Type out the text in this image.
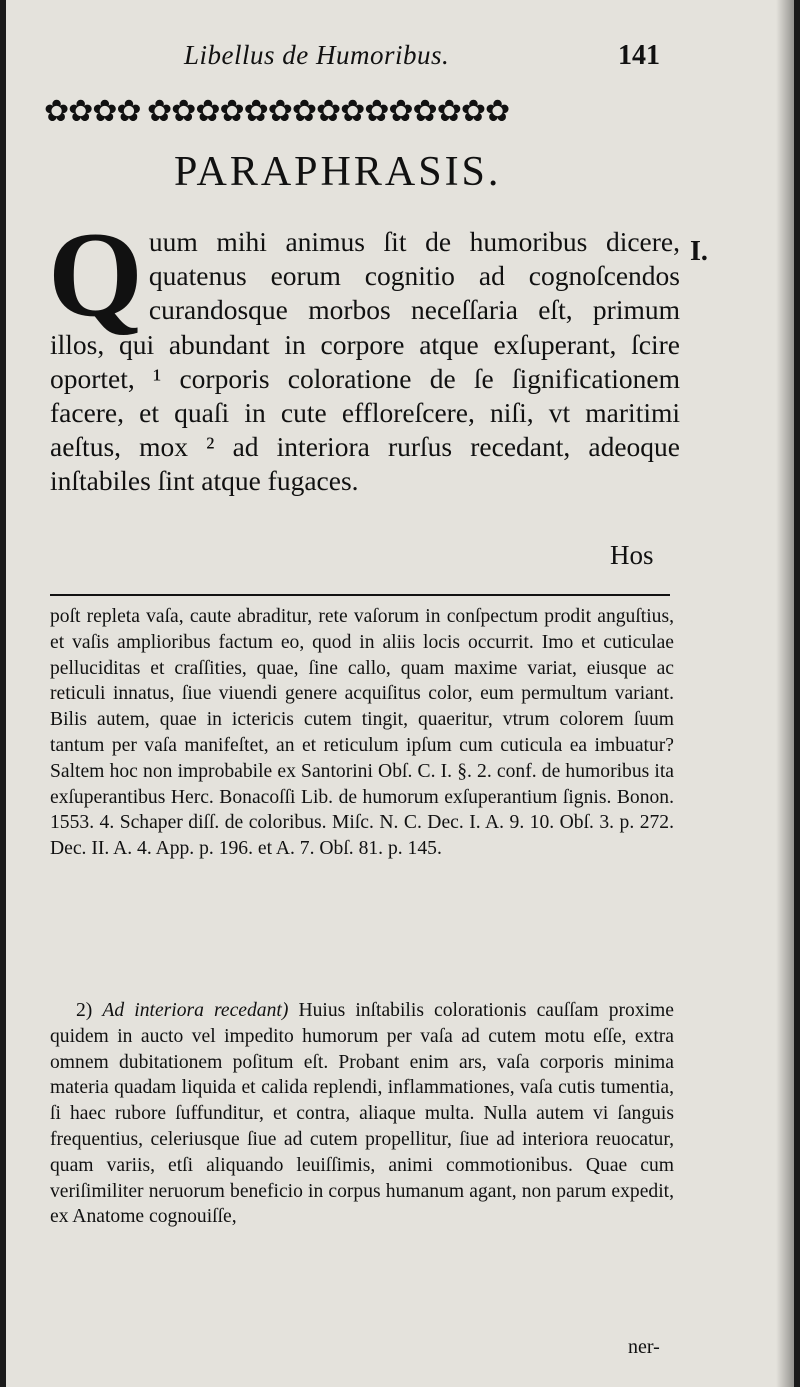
Libellus de Humoribus.	141
✿✿✿✿ ✿✿✿✿✿✿✿✿✿✿✿✿✿✿✿
PARAPHRASIS.
Q uum mihi animus ſit de humoribus dicere, quatenus eorum cognitio ad cognoſcendos curandosque morbos neceſſaria eſt, primum illos, qui abundant in corpore atque exſuperant, ſcire oportet, ¹ corporis coloratione de ſe ſignificationem facere, et quaſi in cute effloreſcere, niſi, vt maritimi aeſtus, mox ² ad interiora rurſus recedant, adeoque inſtabiles ſint atque fugaces.

I.
Hos

poſt repleta vaſa, caute abraditur, rete vaſorum in conſpectum prodit anguſtius, et vaſis amplioribus factum eo, quod in aliis locis occurrit. Imo et cuticulae pelluciditas et craſſities, quae, ſine callo, quam maxime variat, eiusque ac reticuli innatus, ſiue viuendi genere acquiſitus color, eum permultum variant. Bilis autem, quae in ictericis cutem tingit, quaeritur, vtrum colorem ſuum tantum per vaſa manifeſtet, an et reticulum ipſum cum cuticula ea imbuatur? Saltem hoc non improbabile ex Santorini Obſ. C. I. §. 2. conf. de humoribus ita exſuperantibus Herc. Bonacoſſi Lib. de humorum exſuperantium ſignis. Bonon. 1553. 4. Schaper diſſ. de coloribus. Miſc. N. C. Dec. I. A. 9. 10. Obſ. 3. p. 272. Dec. II. A. 4. App. p. 196. et A. 7. Obſ. 81. p. 145.

2) Ad interiora recedant) Huius inſtabilis colorationis cauſſam proxime quidem in aucto vel impedito humorum per vaſa ad cutem motu eſſe, extra omnem dubitationem poſitum eſt. Probant enim ars, vaſa corporis minima materia quadam liquida et calida replendi, inflammationes, vaſa cutis tumentia, ſi haec rubore ſuffunditur, et contra, aliaque multa. Nulla autem vi ſanguis frequentius, celeriusque ſiue ad cutem propellitur, ſiue ad interiora reuocatur, quam variis, etſi aliquando leuiſſimis, animi commotionibus. Quae cum veriſimiliter neruorum beneficio in corpus humanum agant, non parum expedit, ex Anatome cognouiſſe,

ner-
